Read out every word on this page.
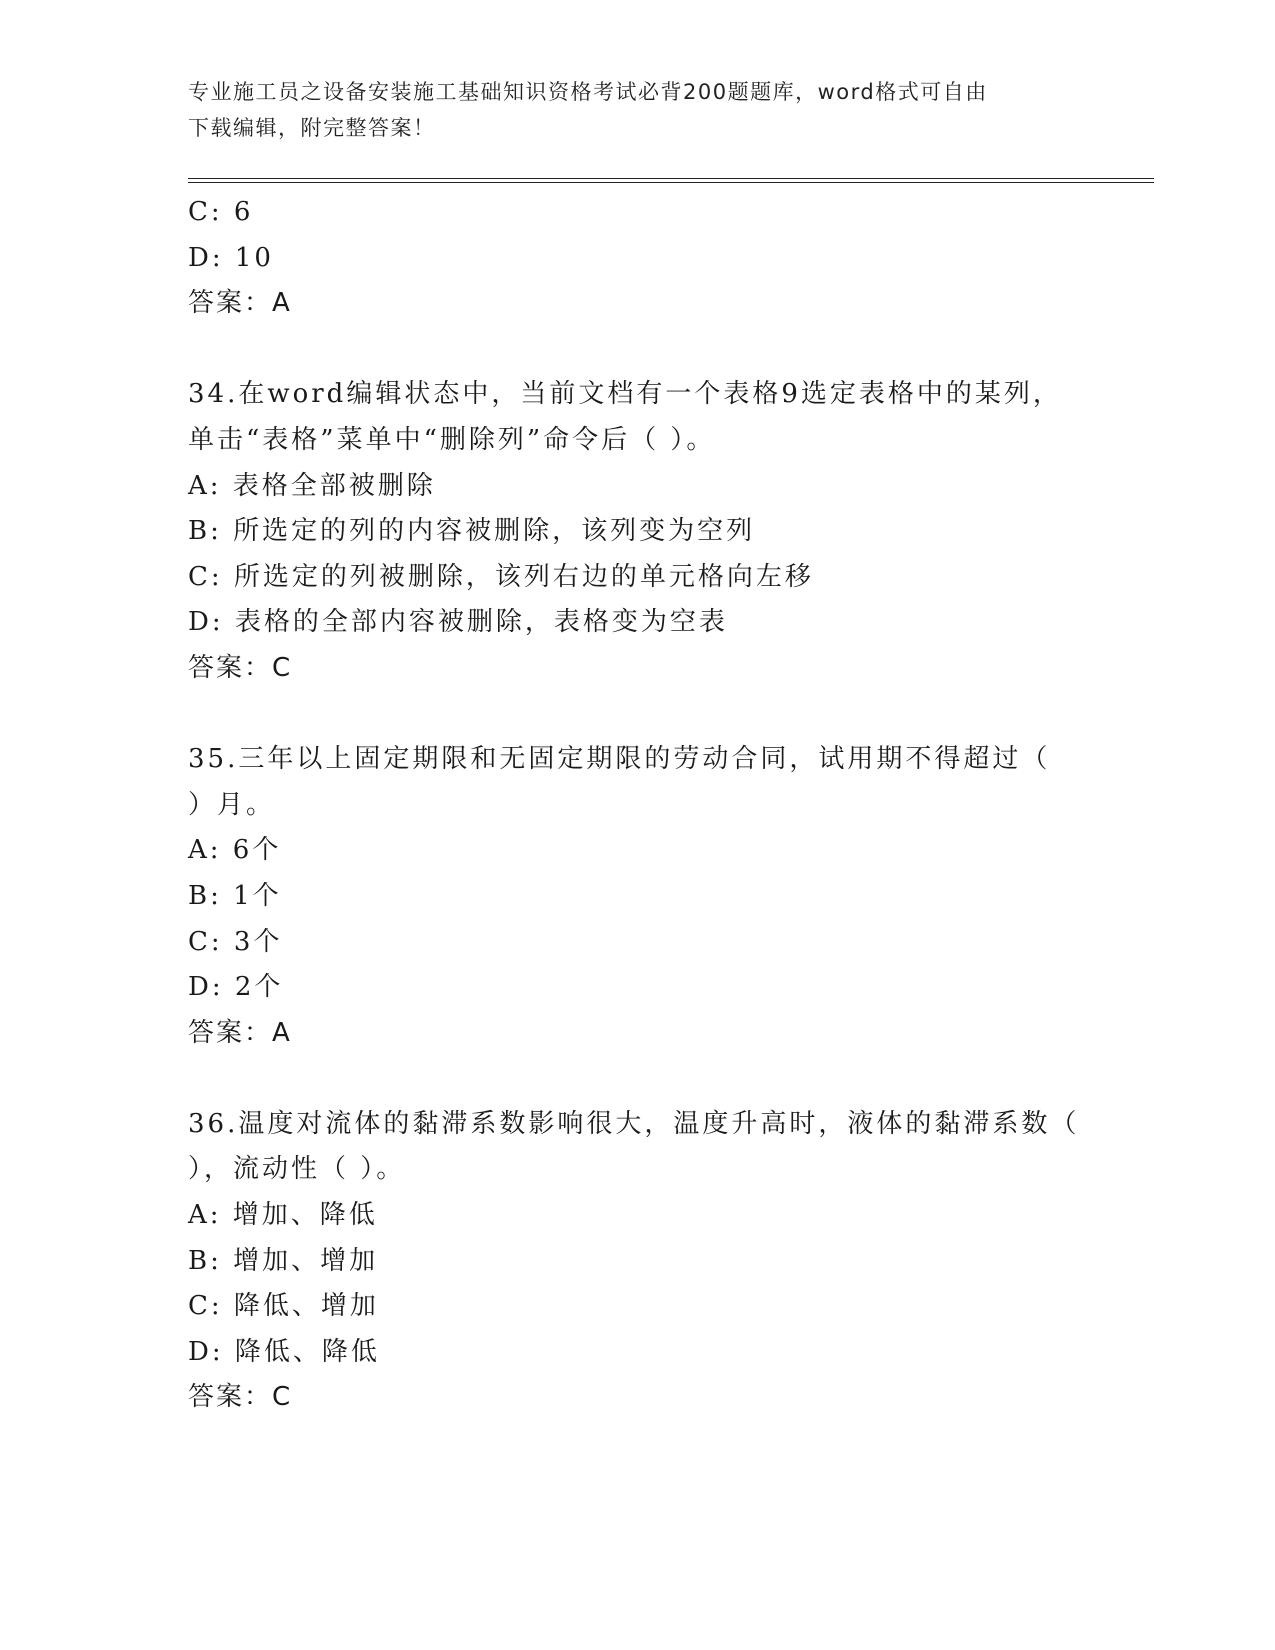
专业施工员之设备安装施工基础知识资格考试必背200题题库，word格式可自由
下载编辑，附完整答案！
C: 6
D: 10
答案：A
34.在word编辑状态中，当前文档有一个表格9选定表格中的某列，
单击“表格”菜单中“删除列”命令后（ ）。
A: 表格全部被删除
B: 所选定的列的内容被删除，该列变为空列
C: 所选定的列被删除，该列右边的单元格向左移
D: 表格的全部内容被删除，表格变为空表
答案：C
35.三年以上固定期限和无固定期限的劳动合同，试用期不得超过（
）月。
A: 6个
B: 1个
C: 3个
D: 2个
答案：A
36.温度对流体的黏滞系数影响很大，温度升高时，液体的黏滞系数（
），流动性（ ）。
A: 增加、降低
B: 增加、增加
C: 降低、增加
D: 降低、降低
答案：C
